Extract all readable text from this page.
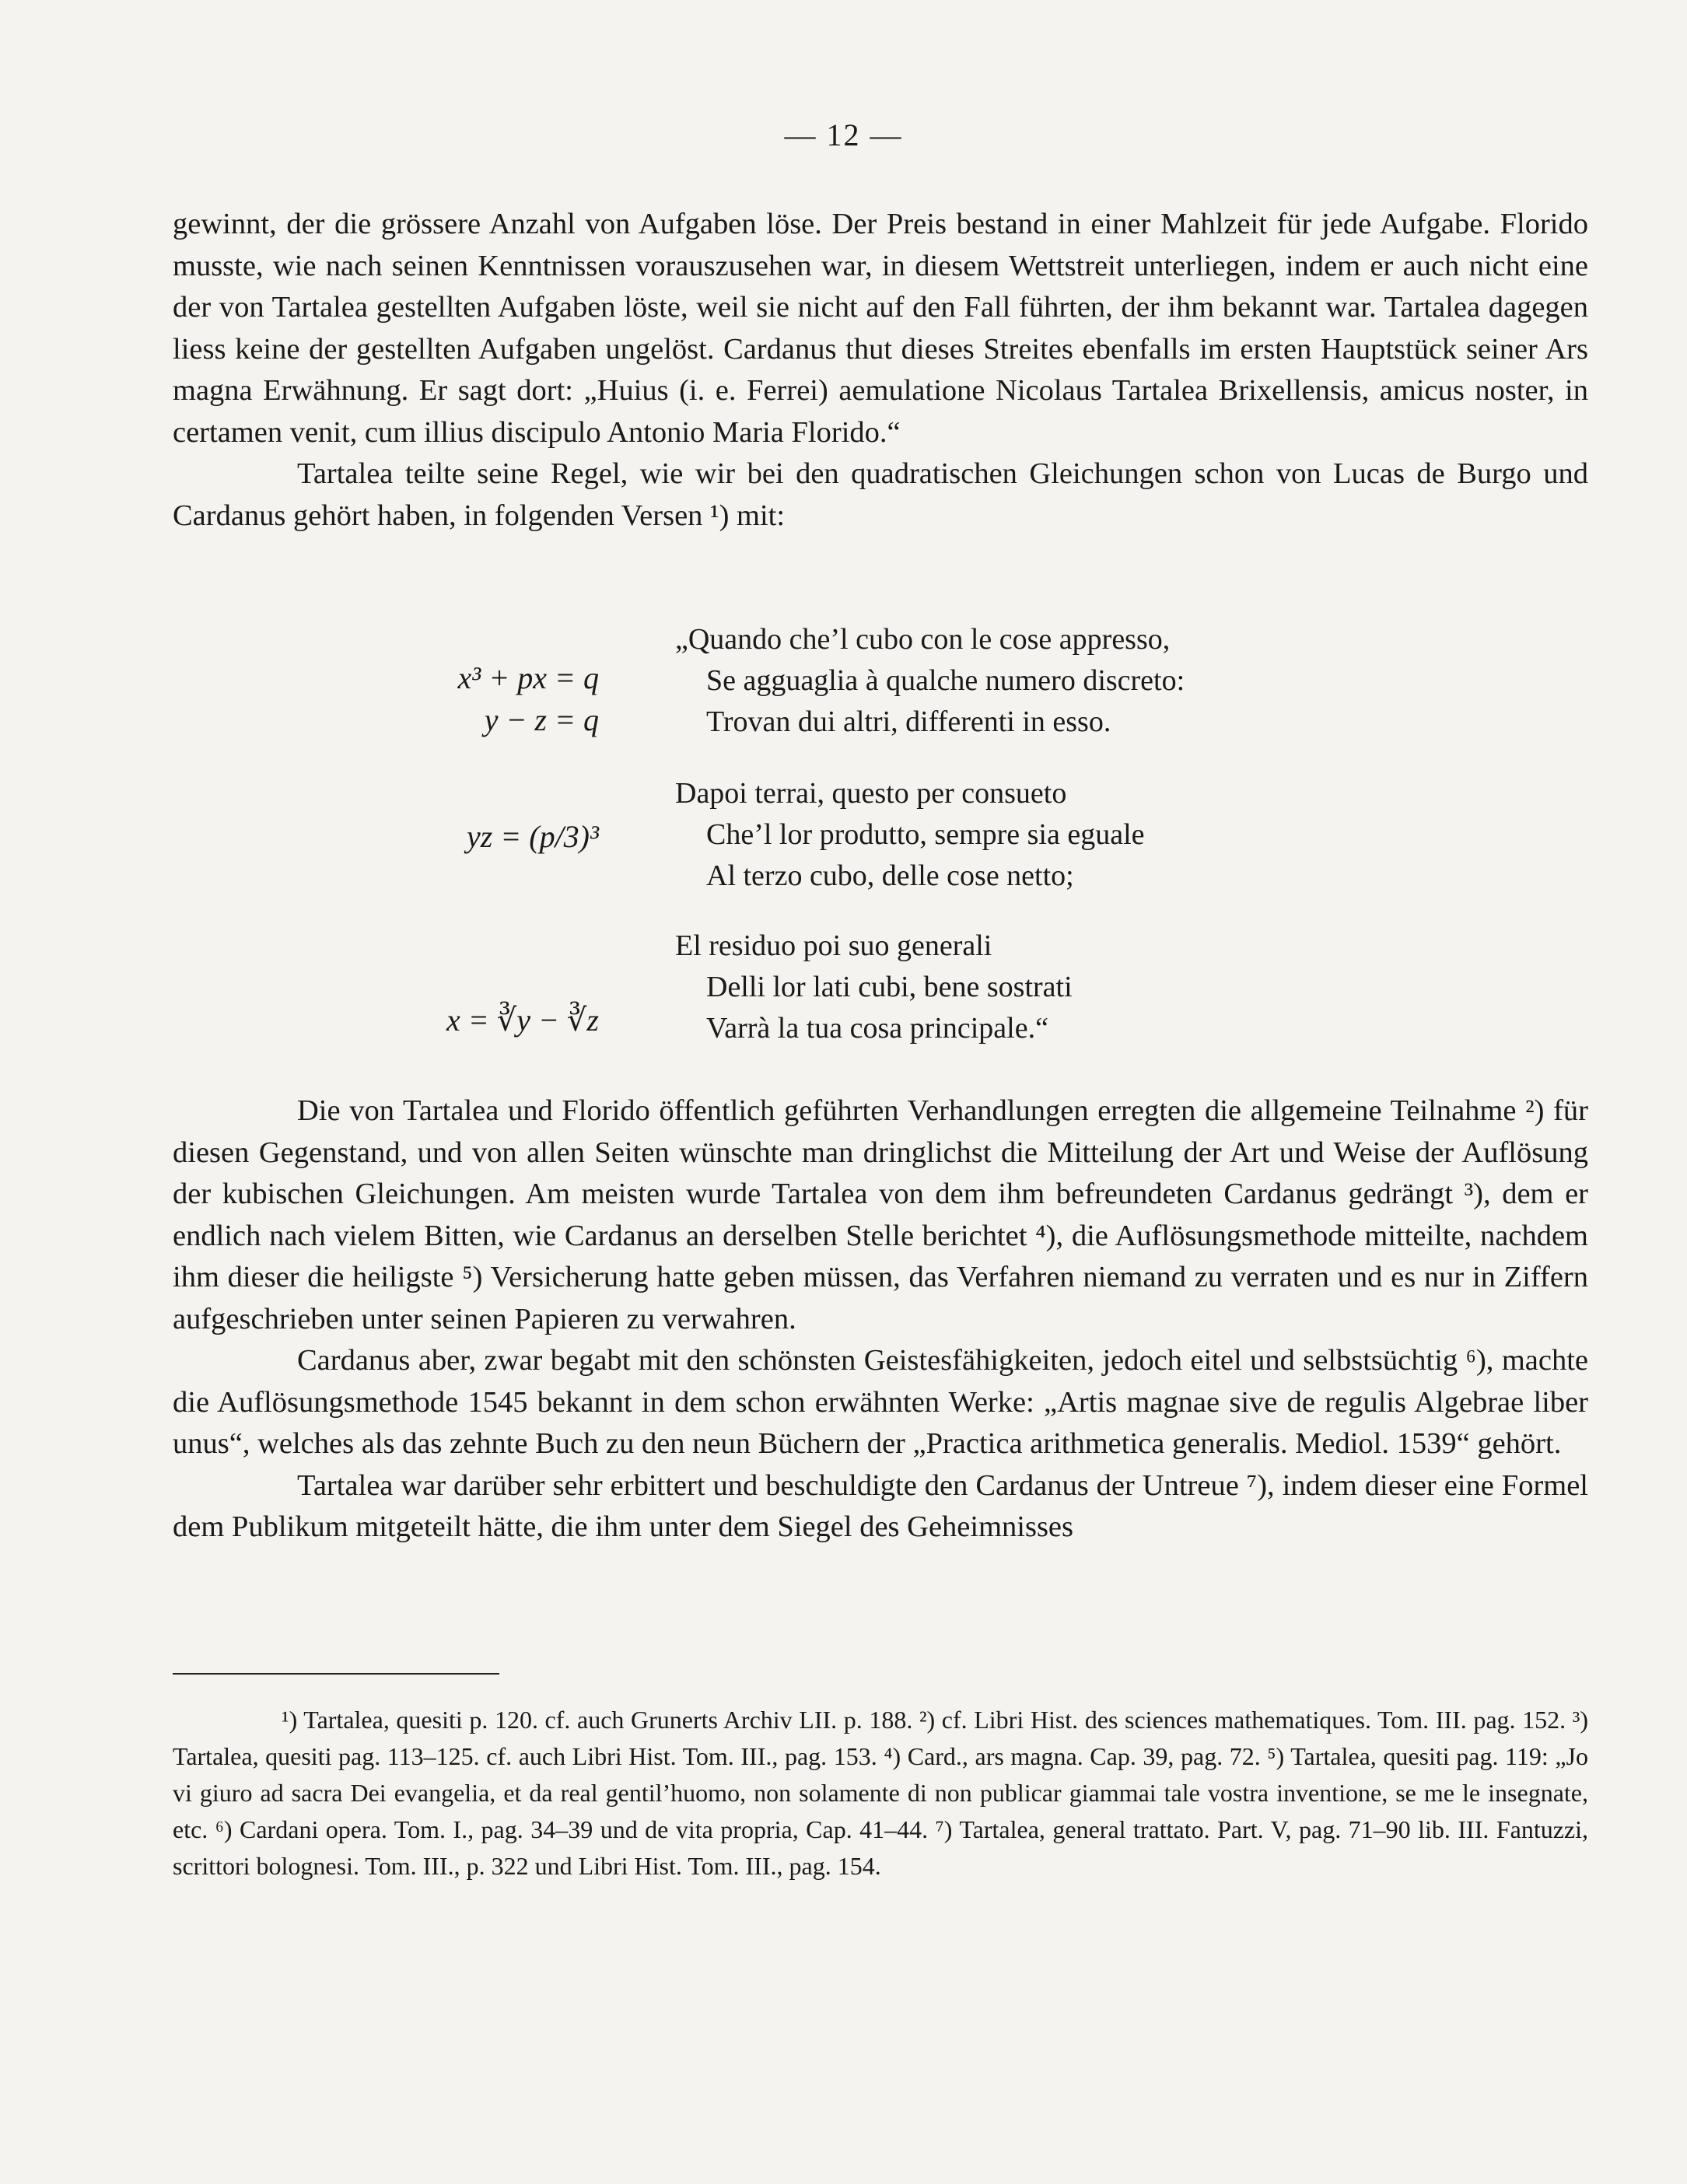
— 12 —

gewinnt, der die grössere Anzahl von Aufgaben löse. Der Preis bestand in einer Mahlzeit für jede Aufgabe. Florido musste, wie nach seinen Kenntnissen vorauszusehen war, in diesem Wettstreit unterliegen, indem er auch nicht eine der von Tartalea gestellten Aufgaben löste, weil sie nicht auf den Fall führten, der ihm bekannt war. Tartalea dagegen liess keine der gestellten Aufgaben ungelöst. Cardanus thut dieses Streites ebenfalls im ersten Hauptstück seiner Ars magna Erwähnung. Er sagt dort: „Huius (i. e. Ferrei) aemulatione Nicolaus Tartalea Brixellensis, amicus noster, in certamen venit, cum illius discipulo Antonio Maria Florido.“

Tartalea teilte seine Regel, wie wir bei den quadratischen Gleichungen schon von Lucas de Burgo und Cardanus gehört haben, in folgenden Versen ¹) mit:

x³ + px = q
y − z = q
yz = (p/3)³
x = ∛y − ∛z
„Quando che’l cubo con le cose appresso,
Se agguaglia à qualche numero discreto:
Trovan dui altri, differenti in esso.
Dapoi terrai, questo per consueto
Che’l lor produtto, sempre sia eguale
Al terzo cubo, delle cose netto;
El residuo poi suo generali
Delli lor lati cubi, bene sostrati
Varrà la tua cosa principale.“

Die von Tartalea und Florido öffentlich geführten Verhandlungen erregten die allgemeine Teilnahme ²) für diesen Gegenstand, und von allen Seiten wünschte man dringlichst die Mitteilung der Art und Weise der Auflösung der kubischen Gleichungen. Am meisten wurde Tartalea von dem ihm befreundeten Cardanus gedrängt ³), dem er endlich nach vielem Bitten, wie Cardanus an derselben Stelle berichtet ⁴), die Auflösungsmethode mitteilte, nachdem ihm dieser die heiligste ⁵) Versicherung hatte geben müssen, das Verfahren niemand zu verraten und es nur in Ziffern aufgeschrieben unter seinen Papieren zu verwahren.

Cardanus aber, zwar begabt mit den schönsten Geistesfähigkeiten, jedoch eitel und selbstsüchtig ⁶), machte die Auflösungsmethode 1545 bekannt in dem schon erwähnten Werke: „Artis magnae sive de regulis Algebrae liber unus“, welches als das zehnte Buch zu den neun Büchern der „Practica arithmetica generalis. Mediol. 1539“ gehört.

Tartalea war darüber sehr erbittert und beschuldigte den Cardanus der Untreue ⁷), indem dieser eine Formel dem Publikum mitgeteilt hätte, die ihm unter dem Siegel des Geheimnisses

¹) Tartalea, quesiti p. 120. cf. auch Grunerts Archiv LII. p. 188. ²) cf. Libri Hist. des sciences mathematiques. Tom. III. pag. 152. ³) Tartalea, quesiti pag. 113–125. cf. auch Libri Hist. Tom. III., pag. 153. ⁴) Card., ars magna. Cap. 39, pag. 72. ⁵) Tartalea, quesiti pag. 119: „Jo vi giuro ad sacra Dei evangelia, et da real gentil’huomo, non solamente di non publicar giammai tale vostra inventione, se me le insegnate, etc. ⁶) Cardani opera. Tom. I., pag. 34–39 und de vita propria, Cap. 41–44. ⁷) Tartalea, general trattato. Part. V, pag. 71–90 lib. III. Fantuzzi, scrittori bolognesi. Tom. III., p. 322 und Libri Hist. Tom. III., pag. 154.
